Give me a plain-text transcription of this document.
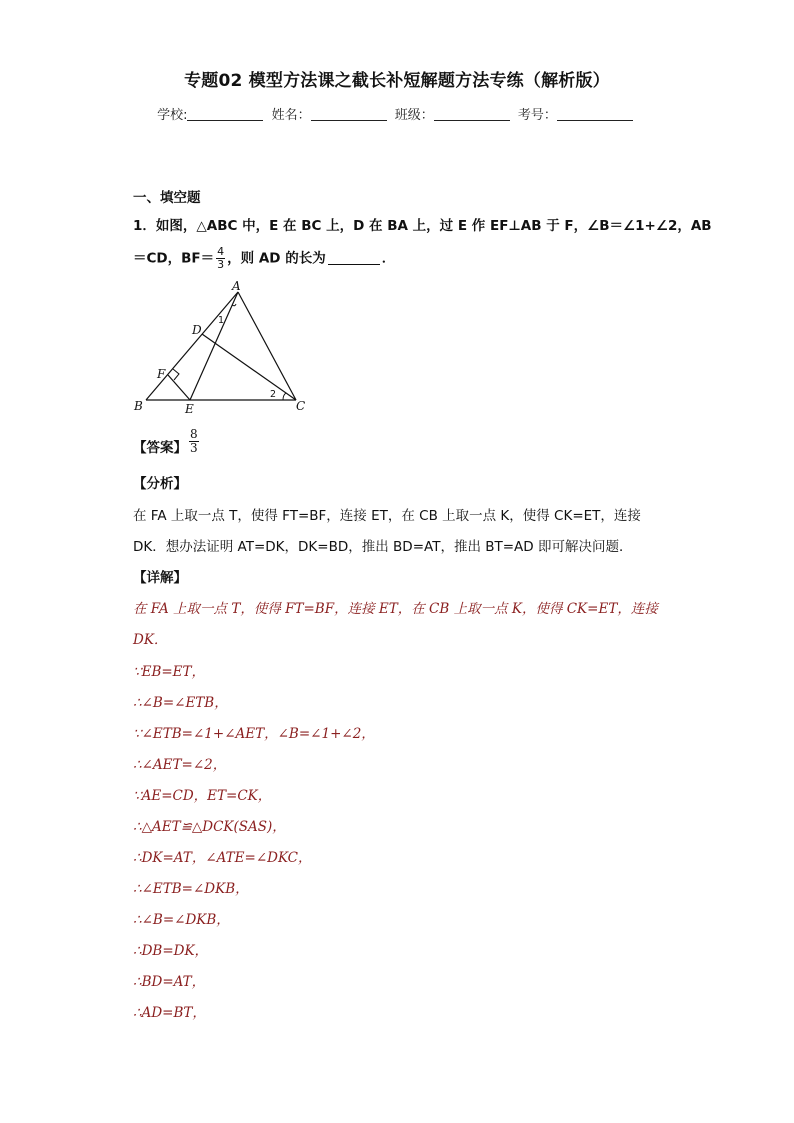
专题02 模型方法课之截长补短解题方法专练（解析版）
学校:	姓名：	班级：	考号：
一、填空题
1．如图，△ABC 中，E 在 BC 上，D 在 BA 上，过 E 作 EF⊥AB 于 F，∠B＝∠1+∠2，AB
＝CD，$BF= \frac{4}{3}$ ，则 AD 的长为	．
A
B	C
D
E
F
1
2
【答案】 $\frac{8}{3}$
【分析】
在 FA 上取一点 T，使得 FT=BF，连接 ET，在 CB 上取一点 K，使得 CK=ET，连接
DK．想办法证明 AT=DK，DK=BD，推出 BD=AT，推出 BT=AD 即可解决问题．
【详解】
在 FA 上取一点 T，使得 FT=BF，连接 ET，在 CB 上取一点 K，使得 CK=ET，连接
DK．
∵EB=ET，
∴∠B=∠ETB，
∵∠ETB=∠1+∠AET，∠B=∠1+∠2，
∴∠AET=∠2，
∵AE=CD，ET=CK，
∴△AET≌△DCK(SAS)，
∴DK=AT，∠ATE=∠DKC，
∴∠ETB=∠DKB，
∴∠B=∠DKB，
∴DB=DK，
∴BD=AT，
∴AD=BT，
